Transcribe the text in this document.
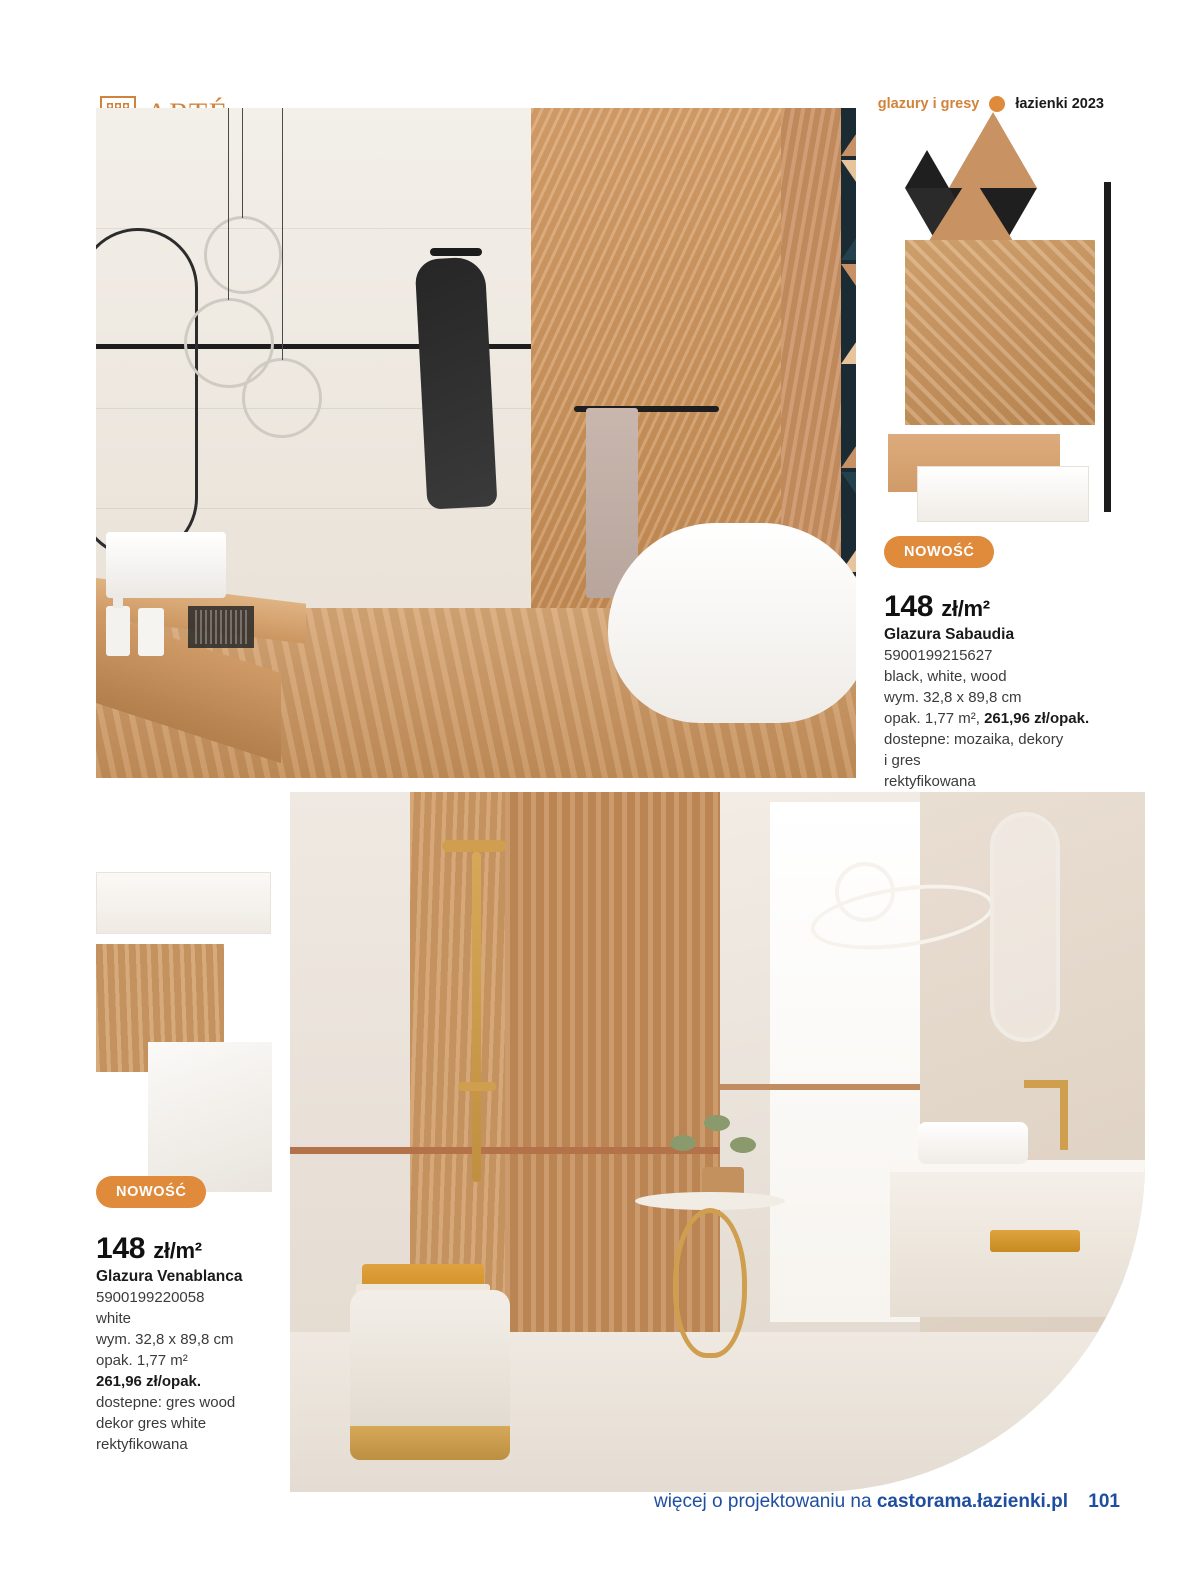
glazury i gresy łazienki 2023
NOWOŚĆ
148 zł/m²
Glazura Sabaudia
5900199215627
black, white, wood
wym. 32,8 x 89,8 cm
opak. 1,77 m², 261,96 zł/opak.
dostepne: mozaika, dekory
i gres
rektyfikowana
NOWOŚĆ
148 zł/m²
Glazura Venablanca
5900199220058
white
wym. 32,8 x 89,8 cm
opak. 1,77 m²
261,96 zł/opak.
dostepne: gres wood
dekor gres white
rektyfikowana
więcej o projektowaniu na castorama.łazienki.pl 101
